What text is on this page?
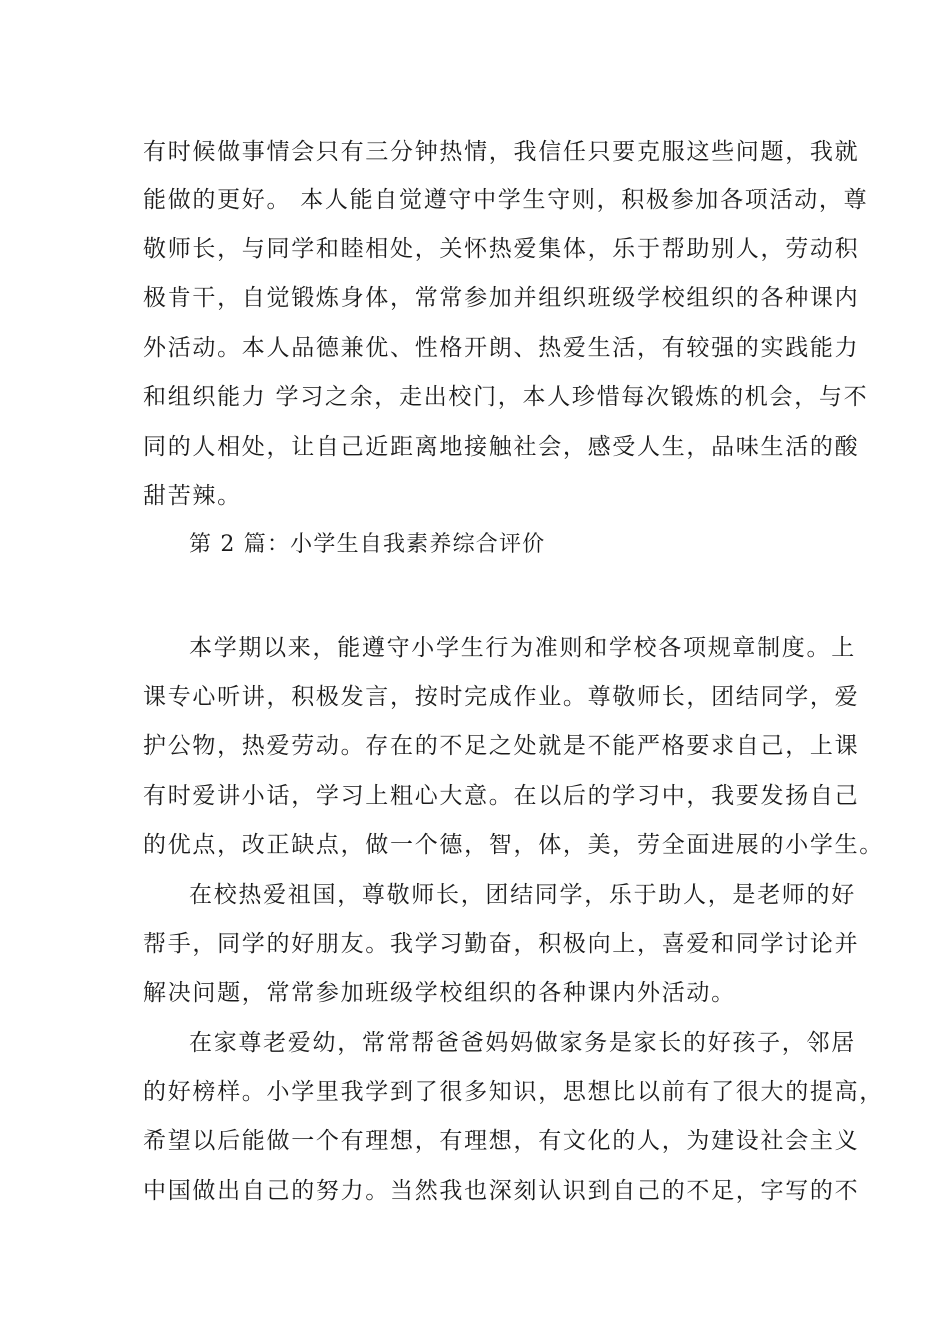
有时候做事情会只有三分钟热情，我信任只要克服这些问题，我就
能做的更好。 本人能自觉遵守中学生守则，积极参加各项活动，尊
敬师长，与同学和睦相处，关怀热爱集体，乐于帮助别人，劳动积
极肯干，自觉锻炼身体，常常参加并组织班级学校组织的各种课内
外活动。本人品德兼优、性格开朗、热爱生活，有较强的实践能力
和组织能力 学习之余，走出校门，本人珍惜每次锻炼的机会，与不
同的人相处，让自己近距离地接触社会，感受人生，品味生活的酸
甜苦辣。
第 2 篇：小学生自我素养综合评价
本学期以来，能遵守小学生行为准则和学校各项规章制度。上
课专心听讲，积极发言，按时完成作业。尊敬师长，团结同学，爱
护公物，热爱劳动。存在的不足之处就是不能严格要求自己，上课
有时爱讲小话，学习上粗心大意。在以后的学习中，我要发扬自己
的优点，改正缺点，做一个德，智，体，美，劳全面进展的小学生。
在校热爱祖国，尊敬师长，团结同学，乐于助人，是老师的好
帮手，同学的好朋友。我学习勤奋，积极向上，喜爱和同学讨论并
解决问题，常常参加班级学校组织的各种课内外活动。
在家尊老爱幼，常常帮爸爸妈妈做家务是家长的好孩子，邻居
的好榜样。小学里我学到了很多知识，思想比以前有了很大的提高，
希望以后能做一个有理想，有理想，有文化的人，为建设社会主义
中国做出自己的努力。当然我也深刻认识到自己的不足，字写的不
